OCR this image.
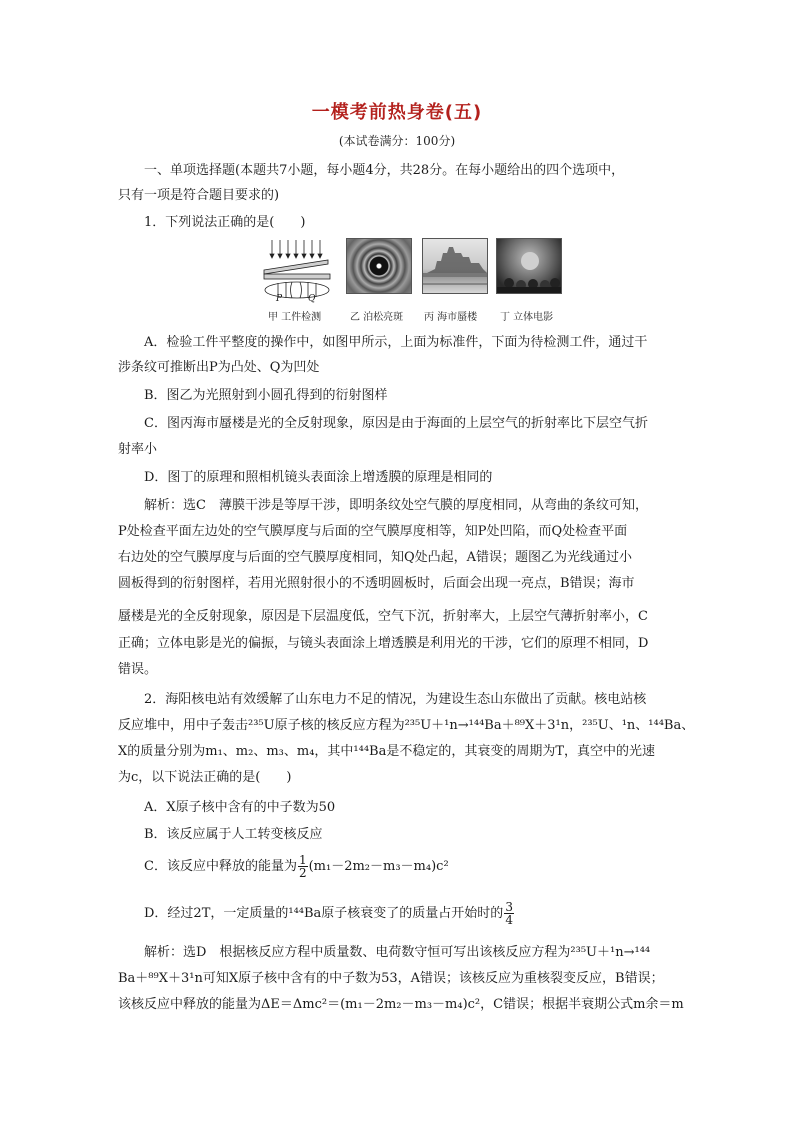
一模考前热身卷(五)
(本试卷满分：100分)
一、单项选择题(本题共7小题，每小题4分，共28分。在每小题给出的四个选项中，
只有一项是符合题目要求的)
1．下列说法正确的是(　　)
P	Q
甲 工件检测	乙 泊松亮斑 丙 海市蜃楼 丁 立体电影
A．检验工件平整度的操作中，如图甲所示，上面为标准件，下面为待检测工件，通过干
涉条纹可推断出P为凸处、Q为凹处
B．图乙为光照射到小圆孔得到的衍射图样
C．图丙海市蜃楼是光的全反射现象，原因是由于海面的上层空气的折射率比下层空气折
射率小
D．图丁的原理和照相机镜头表面涂上增透膜的原理是相同的
解析：选C　薄膜干涉是等厚干涉，即明条纹处空气膜的厚度相同，从弯曲的条纹可知，
P处检查平面左边处的空气膜厚度与后面的空气膜厚度相等，知P处凹陷，而Q处检查平面
右边处的空气膜厚度与后面的空气膜厚度相同，知Q处凸起，A错误；题图乙为光线通过小
圆板得到的衍射图样，若用光照射很小的不透明圆板时，后面会出现一亮点，B错误；海市
蜃楼是光的全反射现象，原因是下层温度低，空气下沉，折射率大，上层空气薄折射率小，C
正确；立体电影是光的偏振，与镜头表面涂上增透膜是利用光的干涉，它们的原理不相同，D
错误。
2．海阳核电站有效缓解了山东电力不足的情况，为建设生态山东做出了贡献。核电站核
反应堆中，用中子轰击²³⁵U原子核的核反应方程为²³⁵U＋¹n→¹⁴⁴Ba＋⁸⁹X＋3¹n，²³⁵U、¹n、¹⁴⁴Ba、
X的质量分别为m₁、m₂、m₃、m₄，其中¹⁴⁴Ba是不稳定的，其衰变的周期为T，真空中的光速
为c，以下说法正确的是(　　)
A．X原子核中含有的中子数为50
B．该反应属于人工转变核反应
C．该反应中释放的能量为 $\frac{1}{2} (m_1-2m_2-m_3-m_4)c^2$
D．经过2T，一定质量的¹⁴⁴Ba原子核衰变了的质量占开始时的 $\frac{3}{4}$
解析：选D　根据核反应方程中质量数、电荷数守恒可写出该核反应方程为²³⁵U＋¹n→¹⁴⁴
Ba＋⁸⁹X＋3¹n可知X原子核中含有的中子数为53，A错误；该核反应为重核裂变反应，B错误；
该核反应中释放的能量为ΔE＝Δmc²＝(m₁－2m₂－m₃－m₄)c²，C错误；根据半衰期公式m余＝m
